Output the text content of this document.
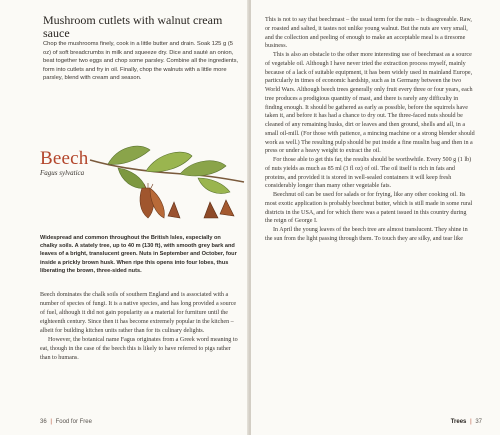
Mushroom cutlets with walnut cream sauce
Chop the mushrooms finely, cook in a little butter and drain. Soak 125 g (5 oz) of soft breadcrumbs in milk and squeeze dry. Dice and sauté an onion, beat together two eggs and chop some parsley. Combine all the ingredients, form into cutlets and fry in oil. Finally, chop the walnuts with a little more parsley, blend with cream and season.
Beech
Fagus sylvatica
Widespread and common throughout the British Isles, especially on chalky soils. A stately tree, up to 40 m (130 ft), with smooth grey bark and leaves of a bright, translucent green. Nuts in September and October, four inside a prickly brown husk. When ripe this opens into four lobes, thus liberating the brown, three-sided nuts.

Beech dominates the chalk soils of southern England and is associated with a number of species of fungi. It is a native species, and has long provided a source of fuel, although it did not gain popularity as a material for furniture until the eighteenth century. Since then it has become extremely popular in the kitchen – albeit for building kitchen units rather than for its culinary delights.

However, the botanical name Fagus originates from a Greek word meaning to eat, though in the case of the beech this is likely to have referred to pigs rather than to humans.

36 | Food for Free

This is not to say that beechmast – the usual term for the nuts – is disagreeable. Raw, or roasted and salted, it tastes not unlike young walnut. But the nuts are very small, and the collection and peeling of enough to make an acceptable meal is a tiresome business.

This is also an obstacle to the other more interesting use of beechmast as a source of vegetable oil. Although I have never tried the extraction process myself, mainly because of a lack of suitable equipment, it has been widely used in mainland Europe, particularly in times of economic hardship, such as in Germany between the two World Wars. Although beech trees generally only fruit every three or four years, each tree produces a prodigious quantity of mast, and there is rarely any difficulty in finding enough. It should be gathered as early as possible, before the squirrels have taken it, and before it has had a chance to dry out. The three-faced nuts should be cleaned of any remaining husks, dirt or leaves and then ground, shells and all, in a small oil-mill. (For those with patience, a mincing machine or a strong blender should work as well.) The resulting pulp should be put inside a fine muslin bag and then in a press or under a heavy weight to extract the oil.

For those able to get this far, the results should be worthwhile. Every 500 g (1 lb) of nuts yields as much as 85 ml (3 fl oz) of oil. The oil itself is rich in fats and proteins, and provided it is stored in well-sealed containers it will keep fresh considerably longer than many other vegetable fats.

Beechnut oil can be used for salads or for frying, like any other cooking oil. Its most exotic application is probably beechnut butter, which is still made in some rural districts in the USA, and for which there was a patent issued in this country during the reign of George I.

In April the young leaves of the beech tree are almost translucent. They shine in the sun from the light passing through them. To touch they are silky, and tear like

Trees | 37
